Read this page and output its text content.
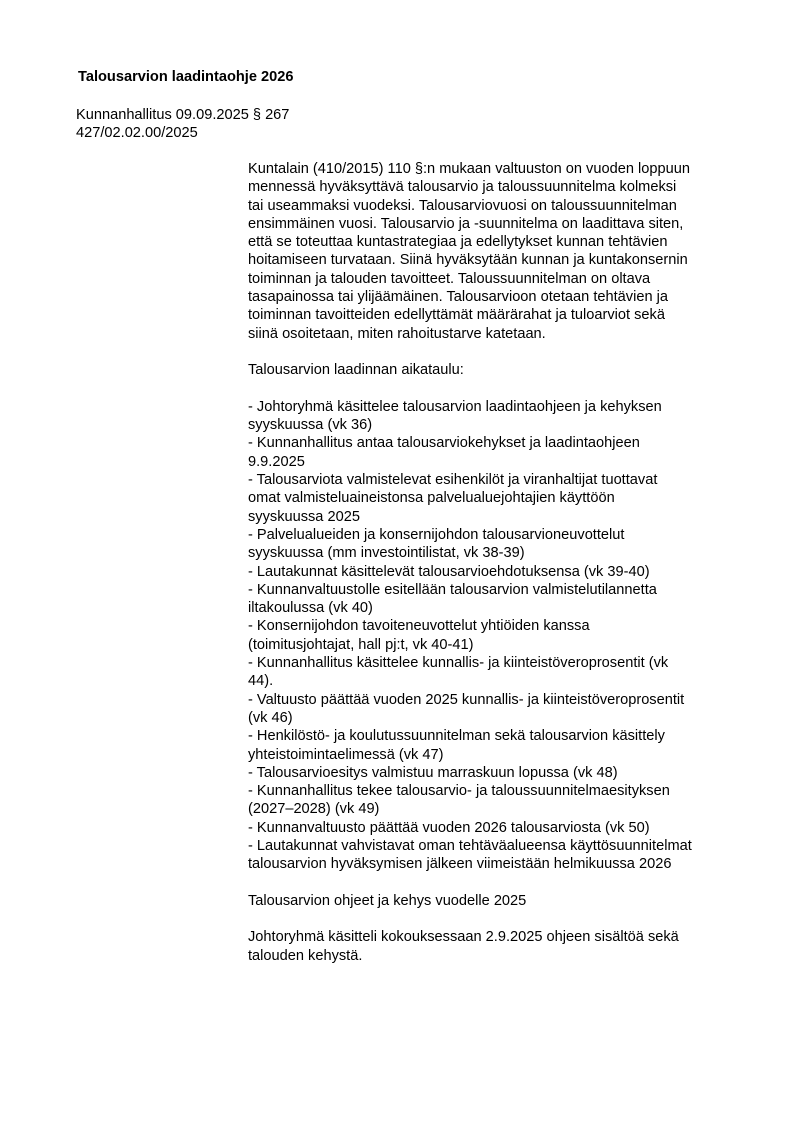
Talousarvion laadintaohje 2026
Kunnanhallitus 09.09.2025 § 267
427/02.02.00/2025
Kuntalain (410/2015) 110 §:n mukaan valtuuston on vuoden loppuun
mennessä hyväksyttävä talousarvio ja taloussuunnitelma kolmeksi
tai useammaksi vuodeksi. Talousarviovuosi on taloussuunnitelman
ensimmäinen vuosi. Talousarvio ja -suunnitelma on laadittava siten,
että se toteuttaa kuntastrategiaa ja edellytykset kunnan tehtävien
hoitamiseen turvataan. Siinä hyväksytään kunnan ja kuntakonsernin
toiminnan ja talouden tavoitteet. Taloussuunnitelman on oltava
tasapainossa tai ylijäämäinen. Talousarvioon otetaan tehtävien ja
toiminnan tavoitteiden edellyttämät määrärahat ja tuloarviot sekä
siinä osoitetaan, miten rahoitustarve katetaan.
Talousarvion laadinnan aikataulu:
- Johtoryhmä käsittelee talousarvion laadintaohjeen ja kehyksen
syyskuussa (vk 36)
- Kunnanhallitus antaa talousarviokehykset ja laadintaohjeen
9.9.2025
- Talousarviota valmistelevat esihenkilöt ja viranhaltijat tuottavat
omat valmisteluaineistonsa palvelualuejohtajien käyttöön
syyskuussa 2025
- Palvelualueiden ja konsernijohdon talousarvioneuvottelut
syyskuussa (mm investointilistat, vk 38-39)
- Lautakunnat käsittelevät talousarvioehdotuksensa (vk 39-40)
- Kunnanvaltuustolle esitellään talousarvion valmistelutilannetta
iltakoulussa (vk 40)
- Konsernijohdon tavoiteneuvottelut yhtiöiden kanssa
(toimitusjohtajat, hall pj:t, vk 40-41)
- Kunnanhallitus käsittelee kunnallis- ja kiinteistöveroprosentit (vk
44).
- Valtuusto päättää vuoden 2025 kunnallis- ja kiinteistöveroprosentit
(vk 46)
- Henkilöstö- ja koulutussuunnitelman sekä talousarvion käsittely
yhteistoimintaelimessä (vk 47)
- Talousarvioesitys valmistuu marraskuun lopussa (vk 48)
- Kunnanhallitus tekee talousarvio- ja taloussuunnitelmaesityksen
(2027–2028) (vk 49)
- Kunnanvaltuusto päättää vuoden 2026 talousarviosta (vk 50)
- Lautakunnat vahvistavat oman tehtäväalueensa käyttösuunnitelmat
talousarvion hyväksymisen jälkeen viimeistään helmikuussa 2026
Talousarvion ohjeet ja kehys vuodelle 2025
Johtoryhmä käsitteli kokouksessaan 2.9.2025 ohjeen sisältöä sekä
talouden kehystä.
